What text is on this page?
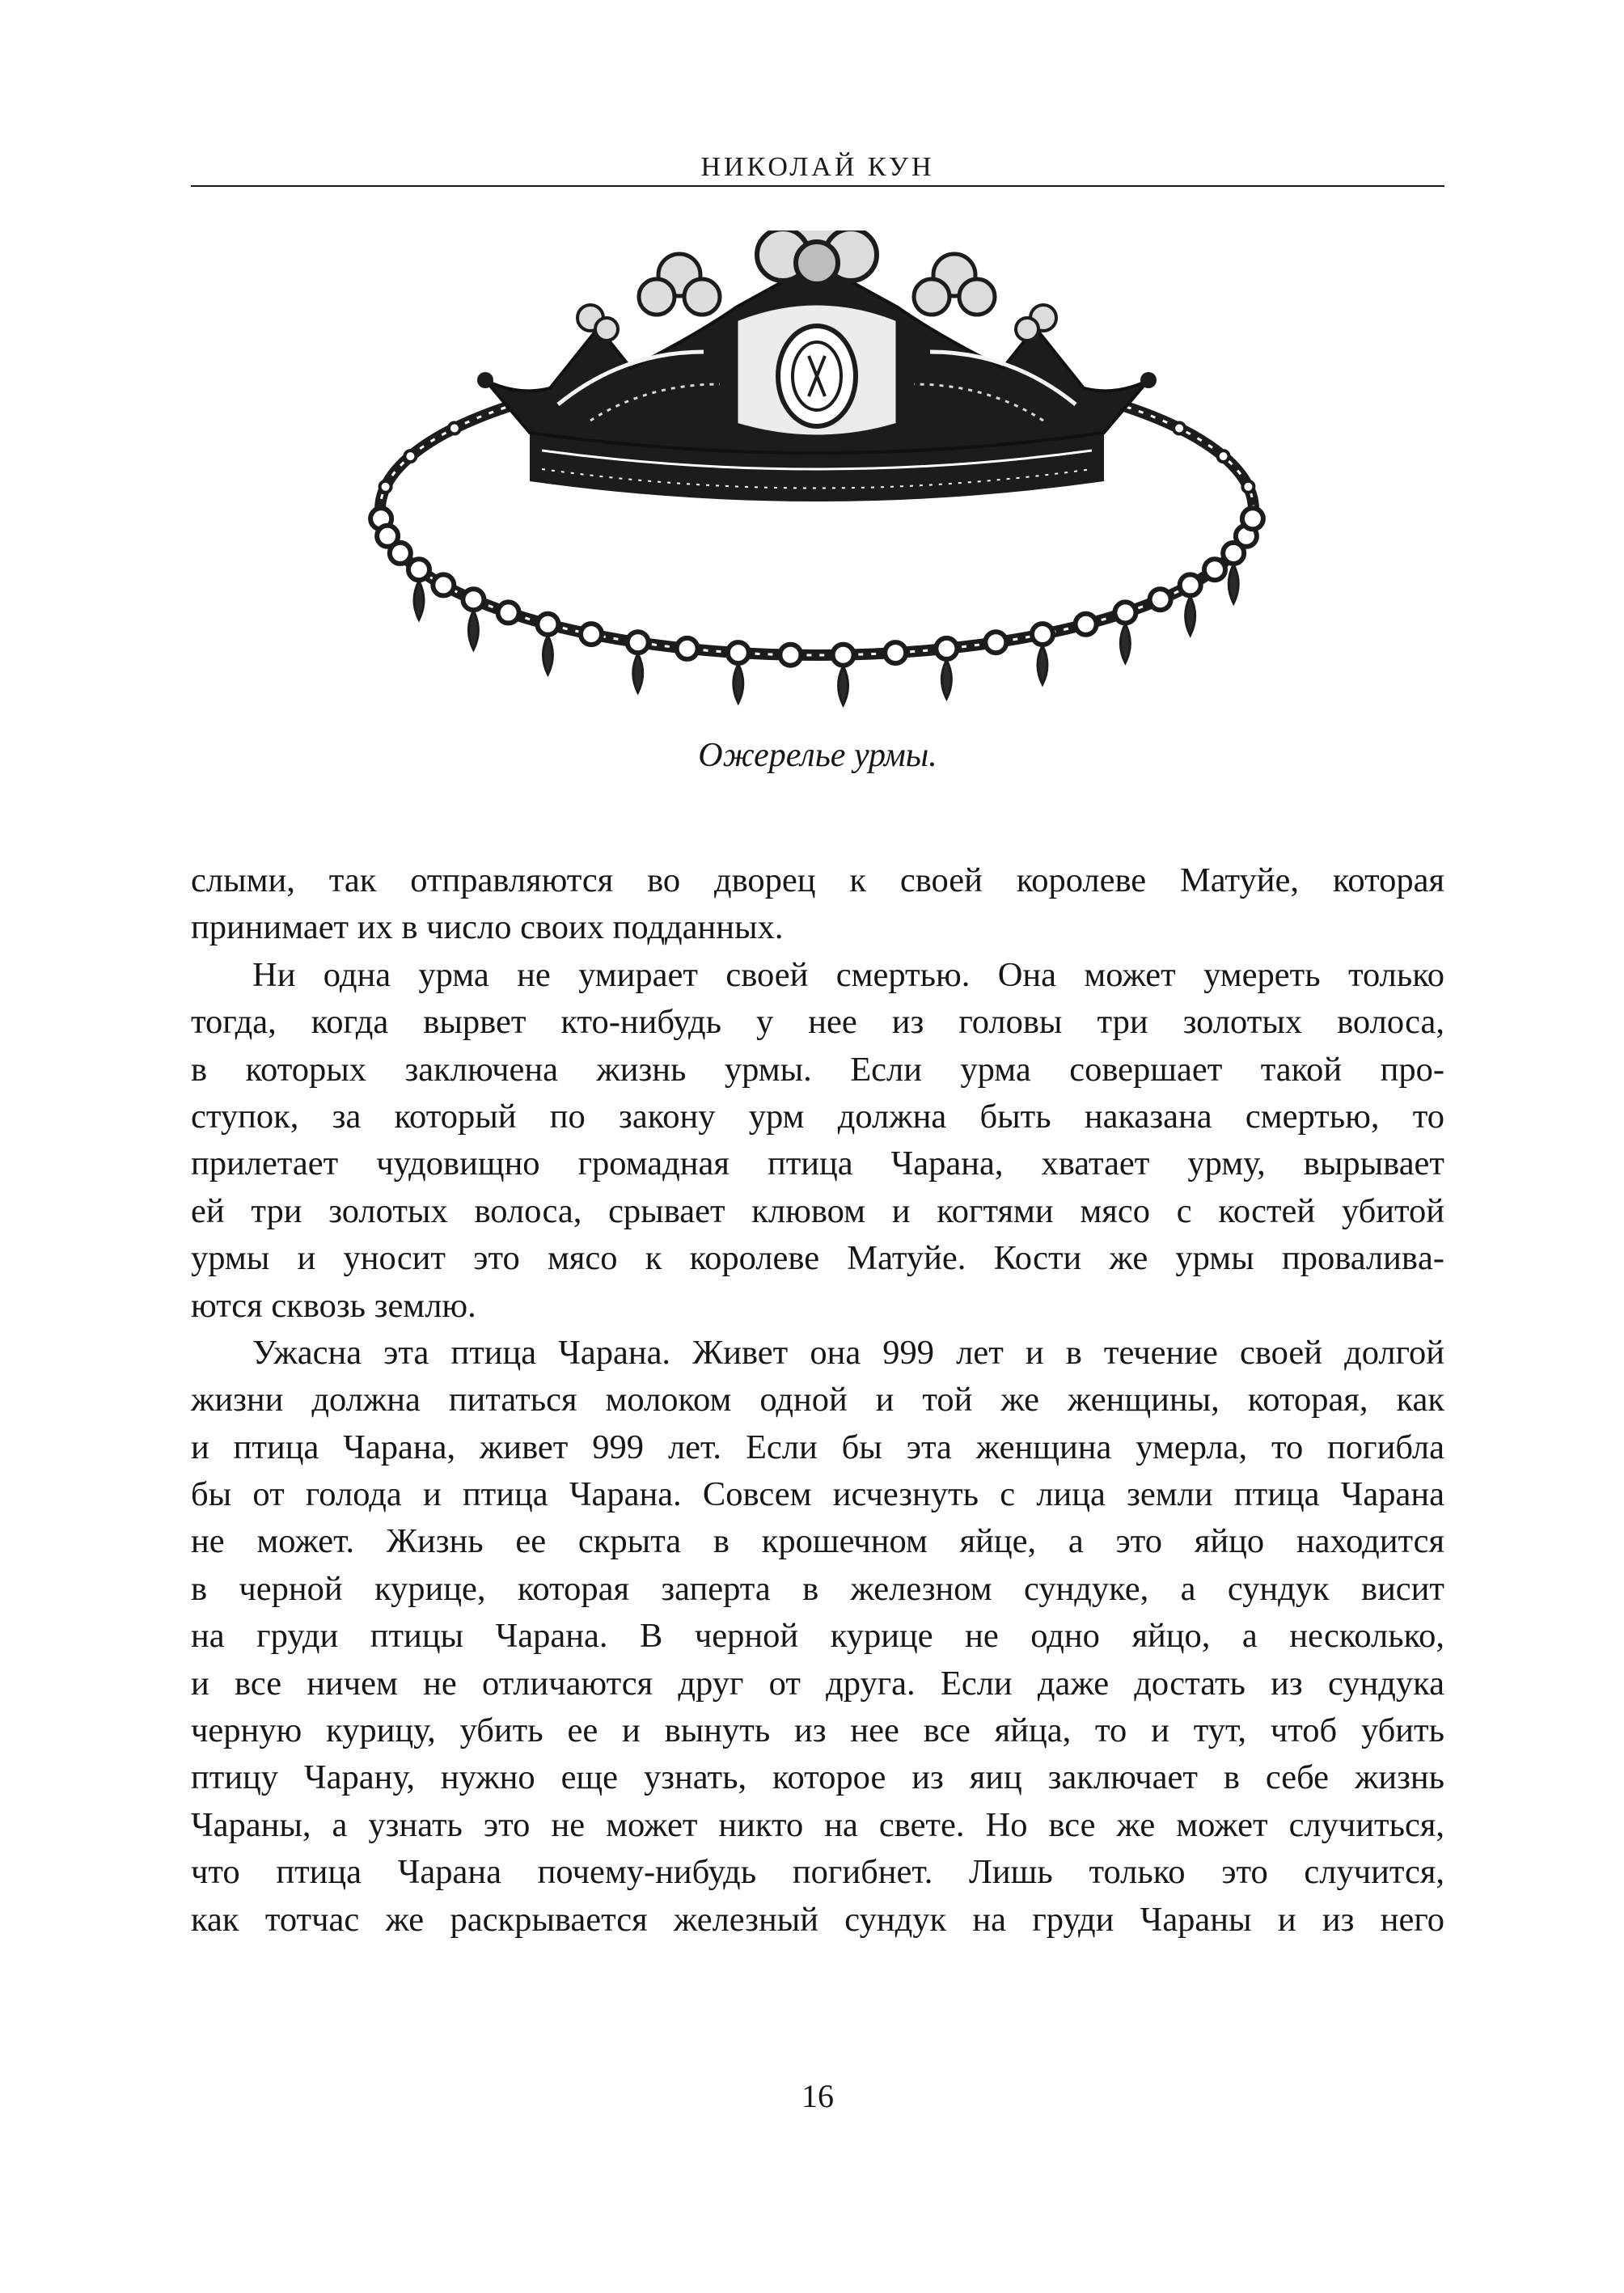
НИКОЛАЙ КУН
Ожерелье урмы.
слыми, так отправляются во дворец к своей королеве Матуйе, которая
принимает их в число своих подданных.
Ни одна урма не умирает своей смертью. Она может умереть только
тогда, когда вырвет кто-нибудь у нее из головы три золотых волоса,
в которых заключена жизнь урмы. Если урма совершает такой про-
ступок, за который по закону урм должна быть наказана смертью, то
прилетает чудовищно громадная птица Чарана, хватает урму, вырывает
ей три золотых волоса, срывает клювом и когтями мясо с костей убитой
урмы и уносит это мясо к королеве Матуйе. Кости же урмы проваливa-
ются сквозь землю.
Ужасна эта птица Чарана. Живет она 999 лет и в течение своей долгой
жизни должна питаться молоком одной и той же женщины, которая, как
и птица Чарана, живет 999 лет. Если бы эта женщина умерла, то погибла
бы от голода и птица Чарана. Совсем исчезнуть с лица земли птица Чарана
не может. Жизнь ее скрыта в крошечном яйце, а это яйцо находится
в черной курице, которая заперта в железном сундуке, а сундук висит
на груди птицы Чарана. В черной курице не одно яйцо, а несколько,
и все ничем не отличаются друг от друга. Если даже достать из сундука
черную курицу, убить ее и вынуть из нее все яйца, то и тут, чтоб убить
птицу Чарану, нужно еще узнать, которое из яиц заключает в себе жизнь
Чараны, а узнать это не может никто на свете. Но все же может случиться,
что птица Чарана почему-нибудь погибнет. Лишь только это случится,
как тотчас же раскрывается железный сундук на груди Чараны и из него
16
